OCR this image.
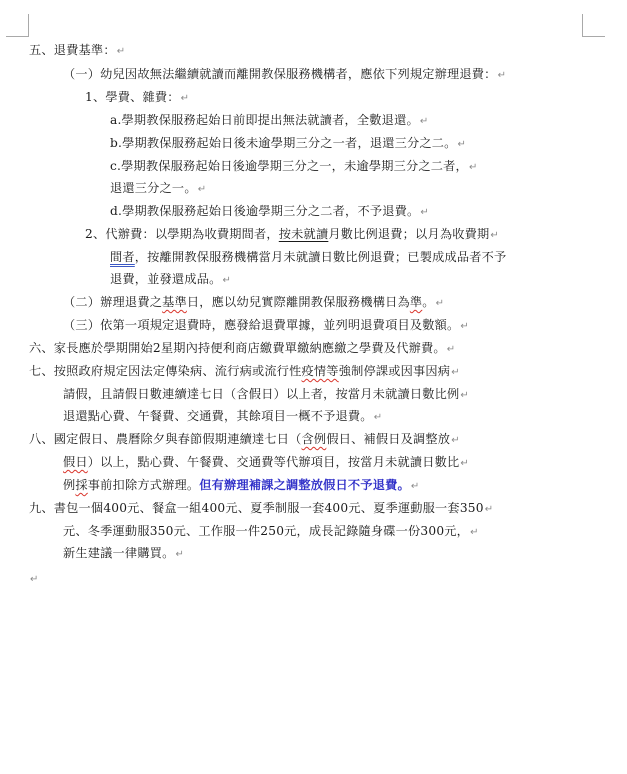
五、退費基準：↵
（一）幼兒因故無法繼續就讀而離開教保服務機構者，應依下列規定辦理退費：↵
1、學費、雜費：↵
a.學期教保服務起始日前即提出無法就讀者，全數退還。↵
b.學期教保服務起始日後未逾學期三分之一者，退還三分之二。↵
c.學期教保服務起始日後逾學期三分之一，未逾學期三分之二者，↵
退還三分之一。↵
d.學期教保服務起始日後逾學期三分之二者，不予退費。↵
2、代辦費：以學期為收費期間者，按未就讀月數比例退費；以月為收費期↵
間者，按離開教保服務機構當月未就讀日數比例退費；已製成成品者不予
退費，並發還成品。↵
（二）辦理退費之基準日，應以幼兒實際離開教保服務機構日為準。↵
（三）依第一項規定退費時，應發給退費單據，並列明退費項目及數額。↵
六、家長應於學期開始2星期內持便利商店繳費單繳納應繳之學費及代辦費。↵
七、按照政府規定因法定傳染病、流行病或流行性疫情等強制停課或因事因病↵
請假，且請假日數連續達七日（含假日）以上者，按當月未就讀日數比例↵
退還點心費、午餐費、交通費，其餘項目一概不予退費。↵
八、國定假日、農曆除夕與春節假期連續達七日（含例假日、補假日及調整放↵
假日）以上，點心費、午餐費、交通費等代辦項目，按當月未就讀日數比↵
例採事前扣除方式辦理。但有辦理補課之調整放假日不予退費。↵
九、書包一個400元、餐盒一組400元、夏季制服一套400元、夏季運動服一套350↵
元、冬季運動服350元、工作服一件250元，成長記錄隨身碟一份300元，↵
新生建議一律購買。↵
↵
